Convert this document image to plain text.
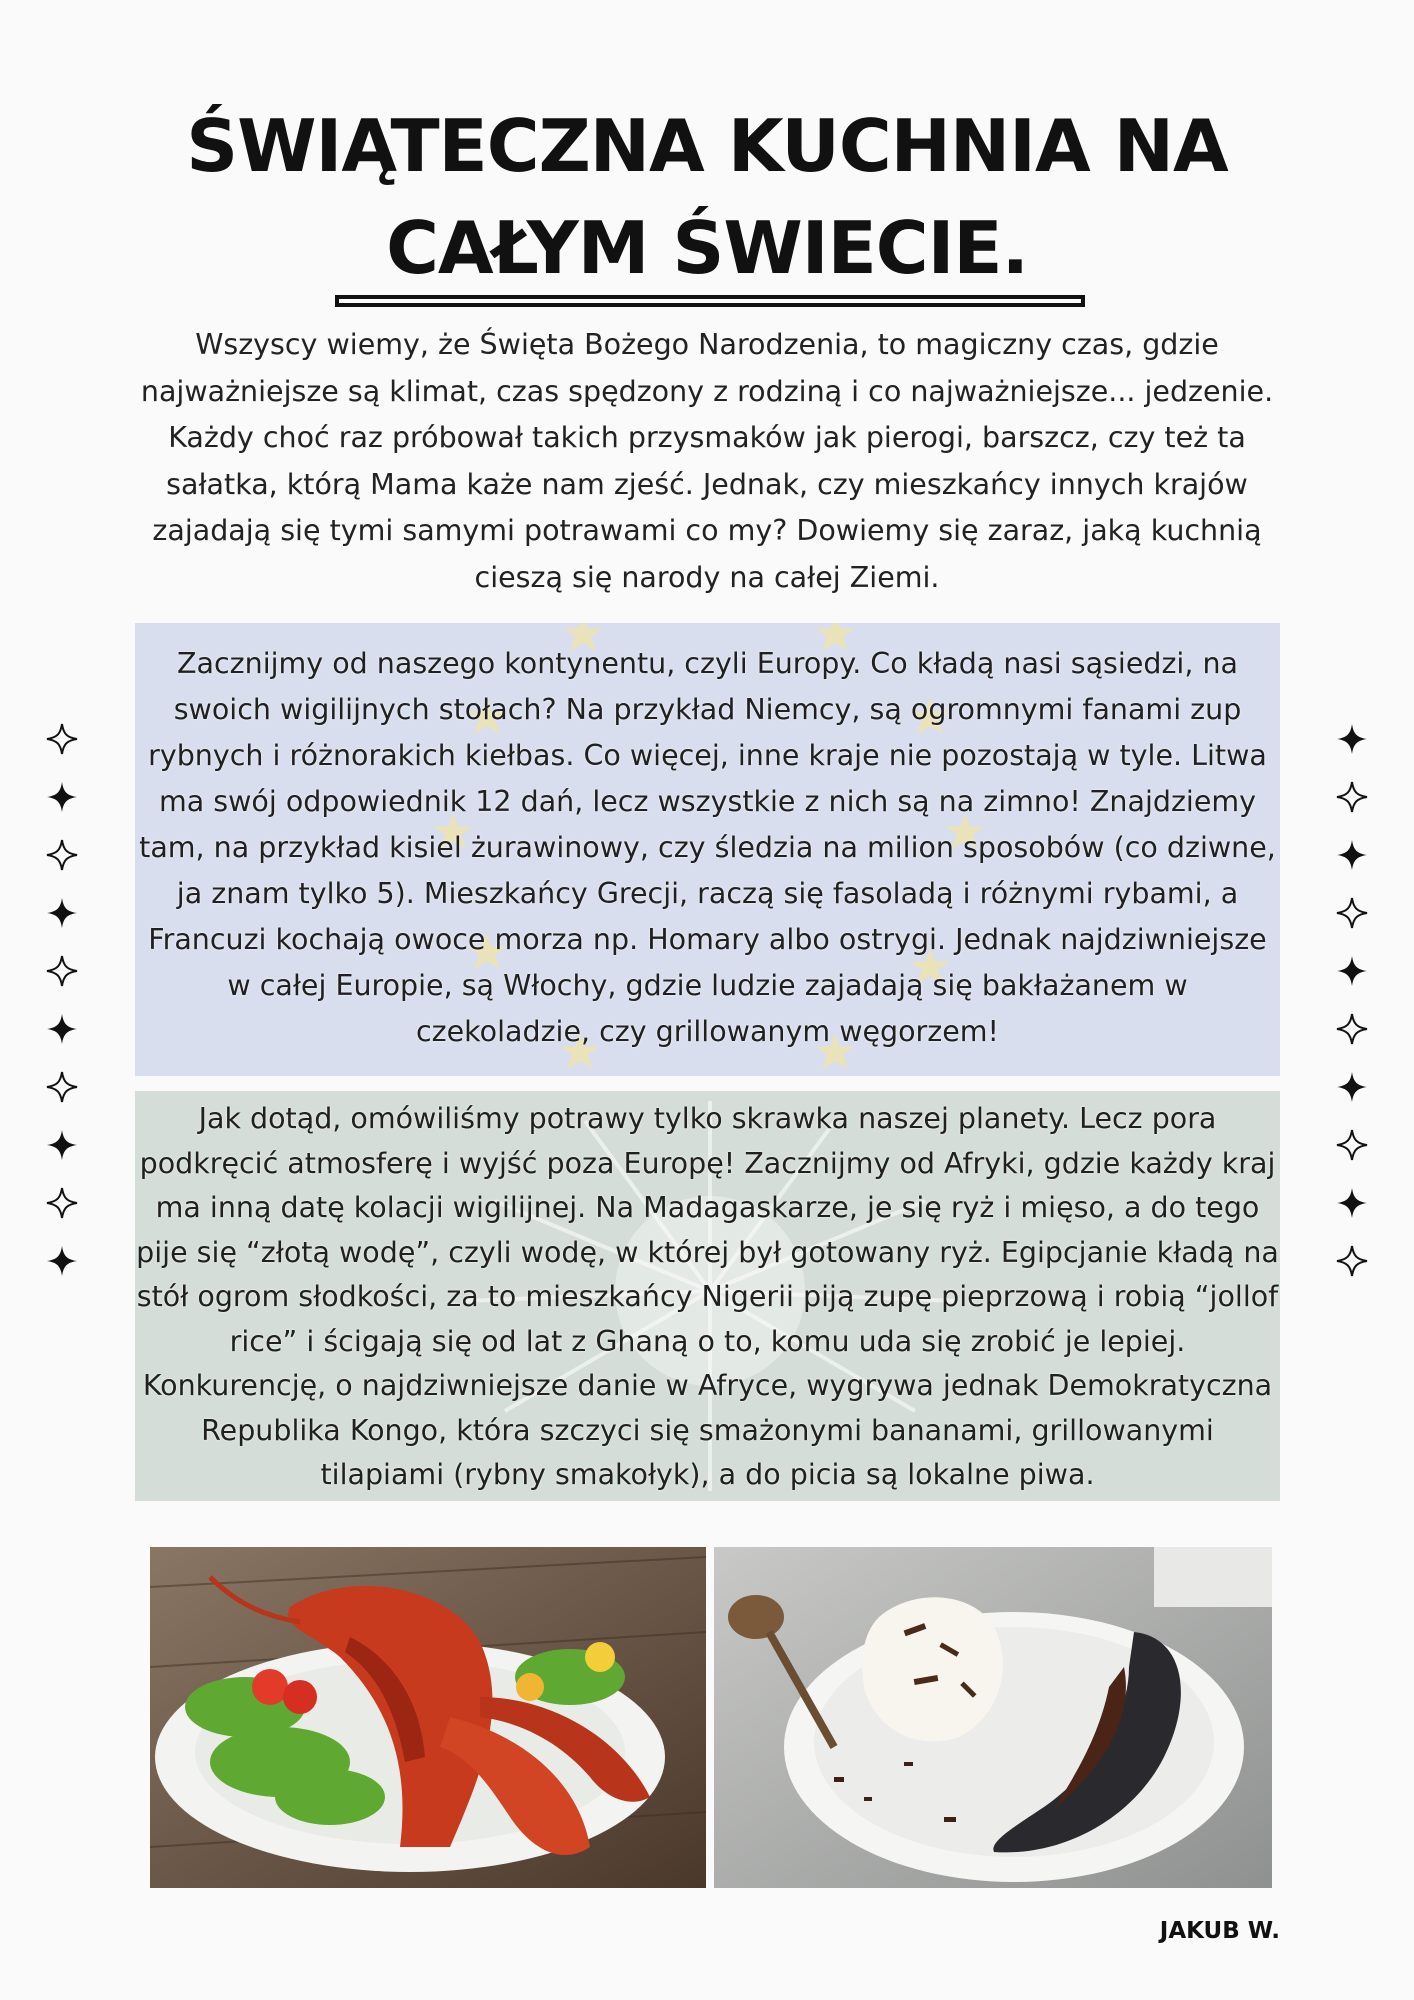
ŚWIĄTECZNA KUCHNIA NA
CAŁYM ŚWIECIE.

Wszyscy wiemy, że Święta Bożego Narodzenia, to magiczny czas, gdzie najważniejsze są klimat, czas spędzony z rodziną i co najważniejsze... jedzenie. Każdy choć raz próbował takich przysmaków jak pierogi, barszcz, czy też ta sałatka, którą Mama każe nam zjeść. Jednak, czy mieszkańcy innych krajów zajadają się tymi samymi potrawami co my? Dowiemy się zaraz, jaką kuchnią cieszą się narody na całej Ziemi.

Zacznijmy od naszego kontynentu, czyli Europy. Co kładą nasi sąsiedzi, na swoich wigilijnych stołach? Na przykład Niemcy, są ogromnymi fanami zup rybnych i różnorakich kiełbas. Co więcej, inne kraje nie pozostają w tyle. Litwa ma swój odpowiednik 12 dań, lecz wszystkie z nich są na zimno! Znajdziemy tam, na przykład kisiel żurawinowy, czy śledzia na milion sposobów (co dziwne, ja znam tylko 5). Mieszkańcy Grecji, raczą się fasoladą i różnymi rybami, a Francuzi kochają owoce morza np. Homary albo ostrygi. Jednak najdziwniejsze w całej Europie, są Włochy, gdzie ludzie zajadają się bakłażanem w czekoladzie, czy grillowanym węgorzem!

Jak dotąd, omówiliśmy potrawy tylko skrawka naszej planety. Lecz pora podkręcić atmosferę i wyjść poza Europę! Zacznijmy od Afryki, gdzie każdy kraj ma inną datę kolacji wigilijnej. Na Madagaskarze, je się ryż i mięso, a do tego pije się “złotą wodę”, czyli wodę, w której był gotowany ryż. Egipcjanie kładą na stół ogrom słodkości, za to mieszkańcy Nigerii piją zupę pieprzową i robią “jollof rice” i ścigają się od lat z Ghaną o to, komu uda się zrobić je lepiej. Konkurencję, o najdziwniejsze danie w Afryce, wygrywa jednak Demokratyczna Republika Kongo, która szczyci się smażonymi bananami, grillowanymi tilapiami (rybny smakołyk), a do picia są lokalne piwa.

JAKUB W.
